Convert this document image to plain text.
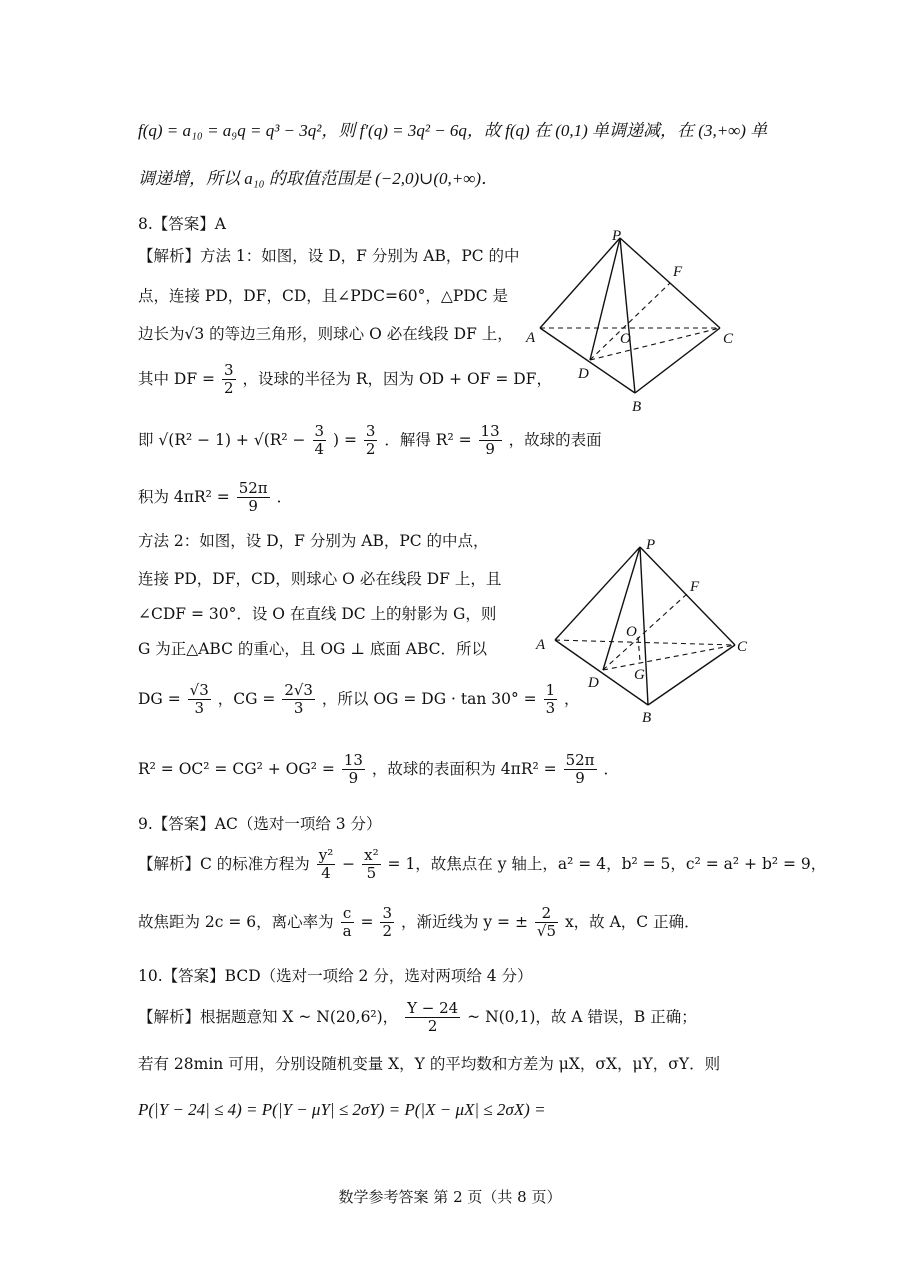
f(q) = a₁₀ = a₉q = q³ − 3q²，则 f′(q) = 3q² − 6q，故 f(q) 在 (0,1) 单调递减，在 (3,+∞) 单
调递增，所以 a₁₀ 的取值范围是 (−2,0)∪(0,+∞)．
8.【答案】A
【解析】方法 1：如图，设 D，F 分别为 AB，PC 的中
点，连接 PD，DF，CD，且∠PDC=60°，△PDC 是
边长为√3 的等边三角形，则球心 O 必在线段 DF 上，
其中 DF = $\frac{3}{2}$ ，设球的半径为 R，因为 OD + OF = DF，
即 $√(R^2 - 1) + √(R^2 - \frac{3}{4}$ ) = $\frac{3}{2}$ ．解得 $R^2 = \frac{13}{9}$ ，故球的表面
积为 $4\pi R^2 = \frac{52\pi}{9}$ ．
方法 2：如图，设 D，F 分别为 AB，PC 的中点，
连接 PD，DF，CD，则球心 O 必在线段 DF 上，且
∠CDF = 30°．设 O 在直线 DC 上的射影为 G，则
G 为正△ABC 的重心，且 OG ⊥ 底面 ABC．所以
DG = $\frac{√3}{3}$ ，CG = $\frac{2√3}{3}$ ，所以 OG = DG · $\tan 30^\circ = \frac{1}{3}$ ，
$R^2 = OC^2 = CG^2 + OG^2 = \frac{13}{9}$ ，故球的表面积为 $4\pi R^2 = \frac{52\pi}{9}$ ．
9.【答案】AC（选对一项给 3 分）
【解析】C 的标准方程为 $\frac{\text{y²}}{4} - \frac{\text{x²}}{5} = 1$，故焦点在 y 轴上，a² = 4，b² = 5，c² = a² + b² = 9，
故焦距为 2c = 6，离心率为 $\frac{c}{a} = \frac{3}{2}$ ，渐近线为 y = ± $\frac{2}{√5}$ x，故 A，C 正确．
10.【答案】BCD（选对一项给 2 分，选对两项给 4 分）
【解析】根据题意知 X ~ N(20,6²)， $\frac{Y - 24}{2}$ ~ N(0,1)，故 A 错误，B 正确；
若有 28min 可用，分别设随机变量 X，Y 的平均数和方差为 μX，σX，μY，σY．则
P(|Y − 24| ≤ 4) = P(|Y − μY| ≤ 2σY) = P(|X − μX| ≤ 2σX) =
P
F
A	O	C
D
B
P
F
A
O
C
D G
B
数学参考答案 第 2 页（共 8 页）
